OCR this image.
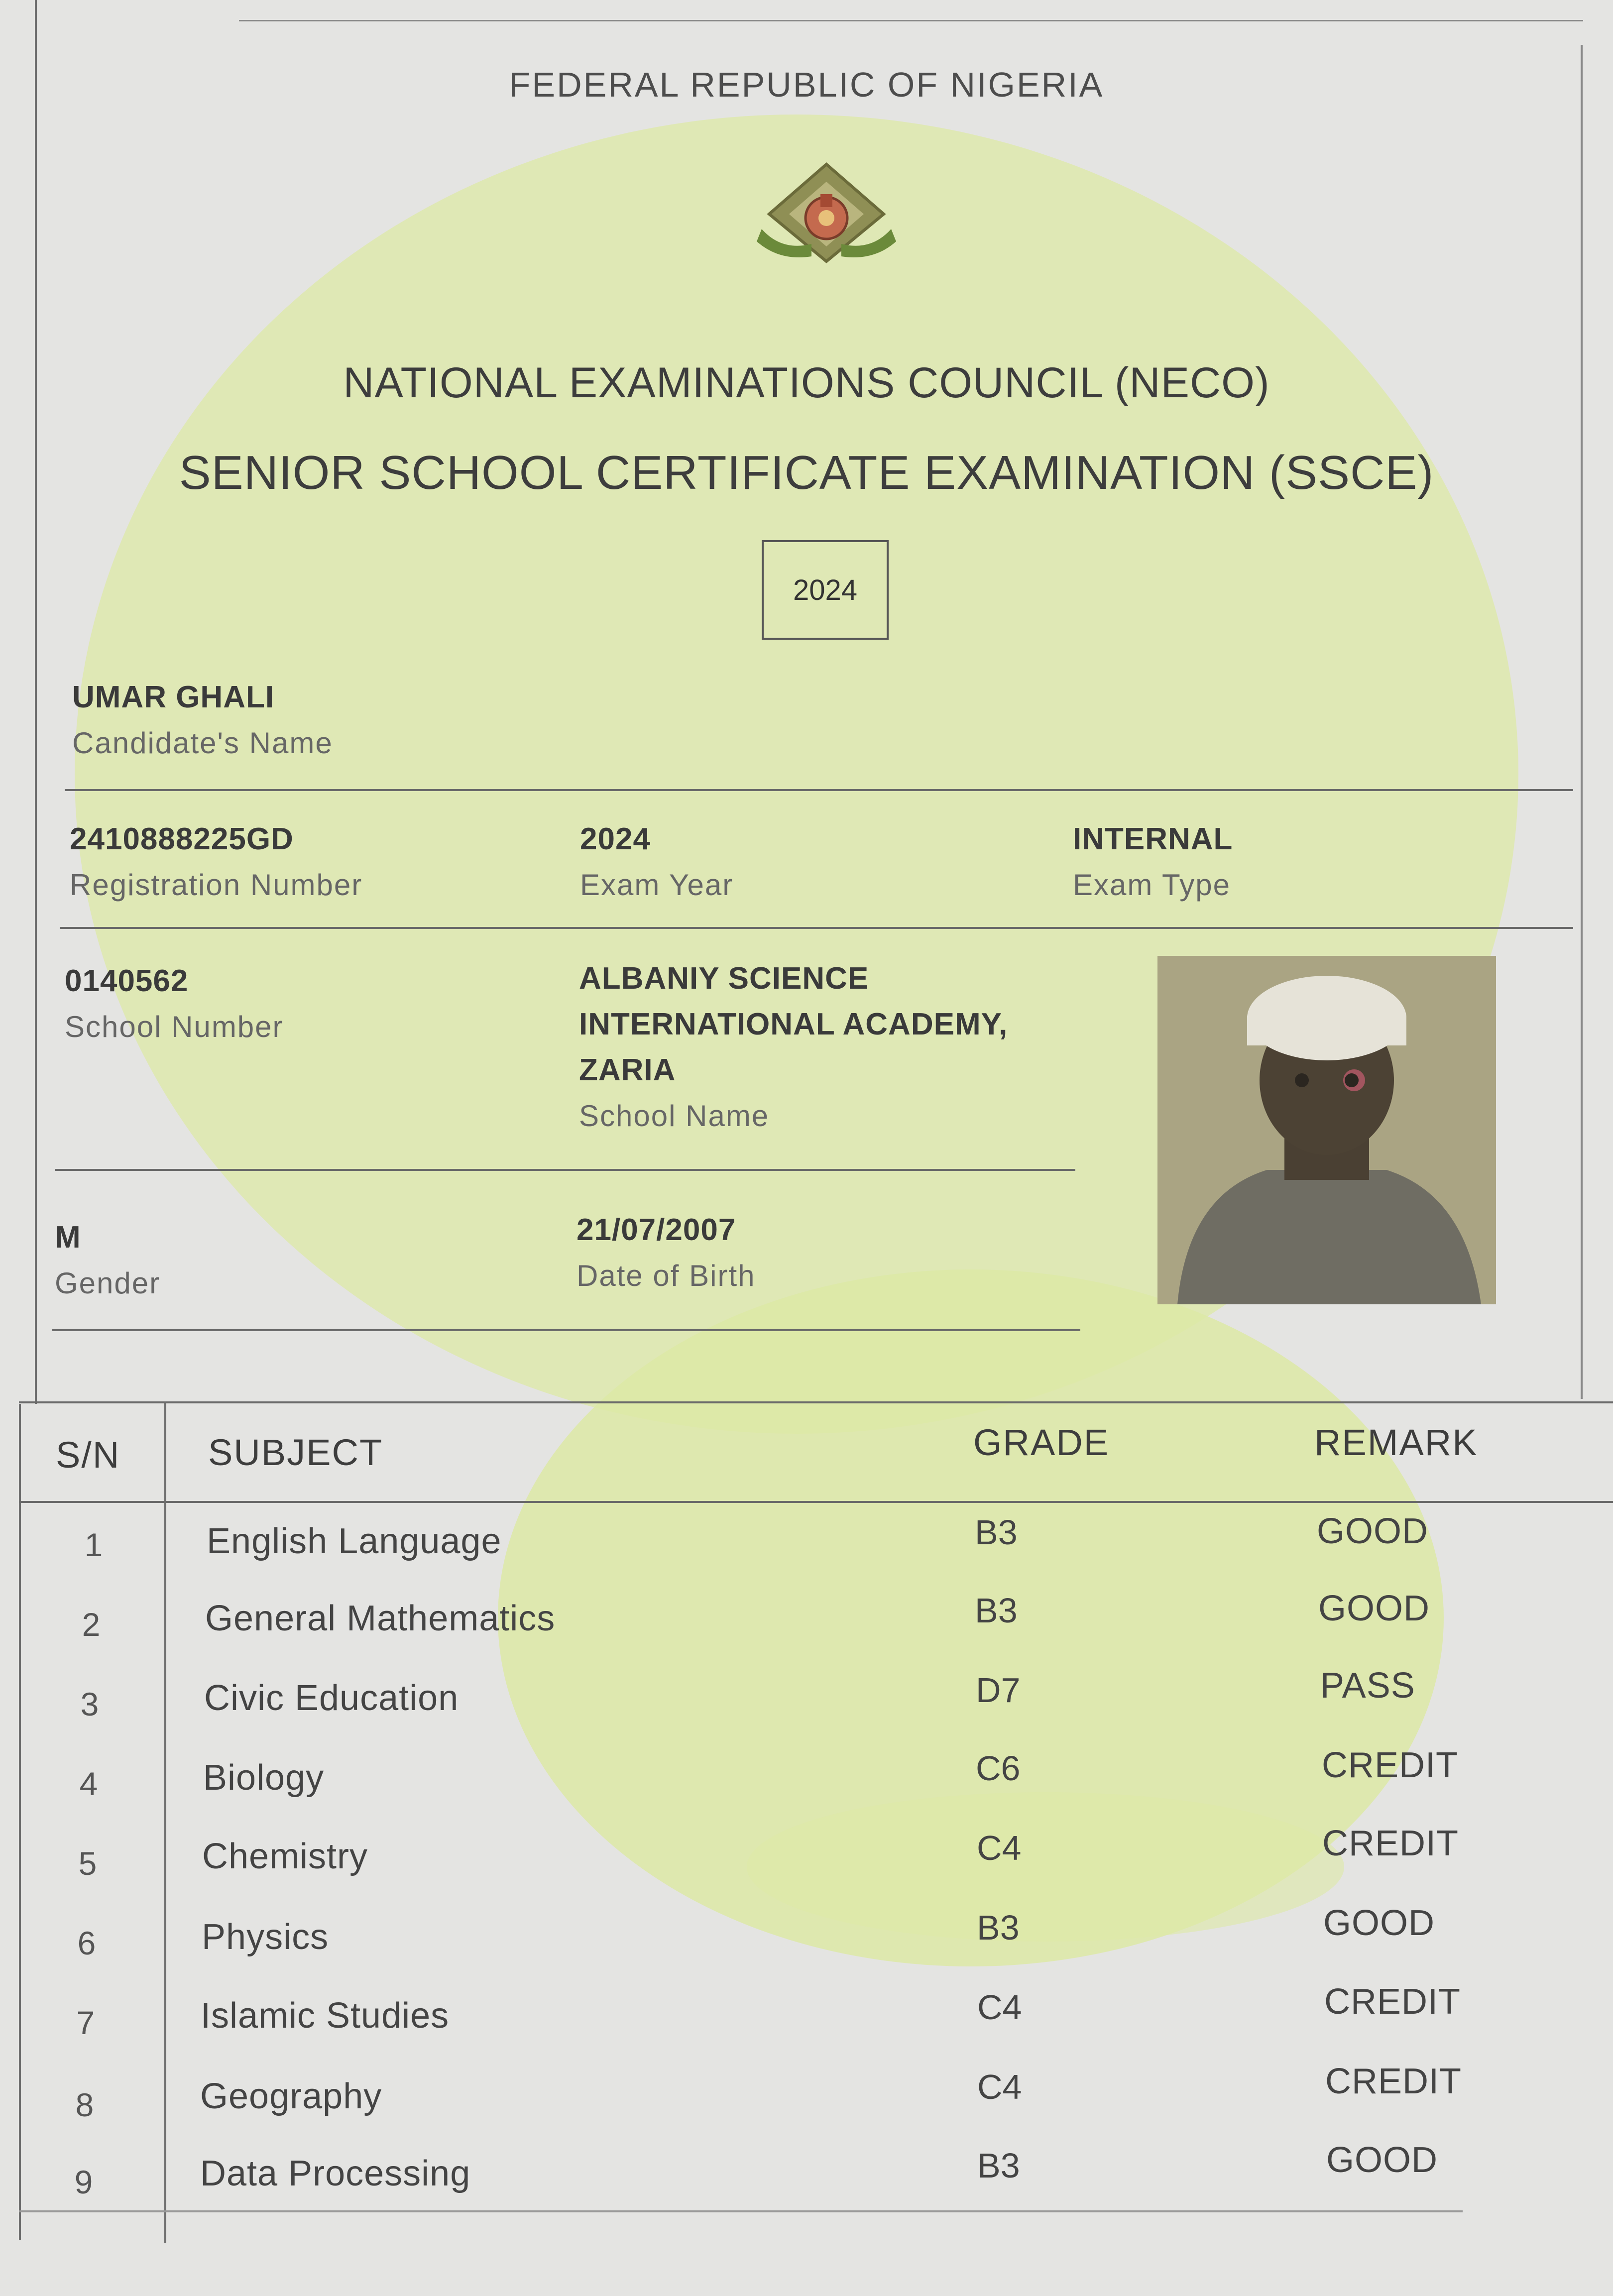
FEDERAL REPUBLIC OF NIGERIA
NATIONAL EXAMINATIONS COUNCIL (NECO)
SENIOR SCHOOL CERTIFICATE EXAMINATION (SSCE)
2024
UMAR GHALI
Candidate's Name
2410888225GD
Registration Number
2024
Exam Year
INTERNAL
Exam Type
0140562
School Number
ALBANIY SCIENCE
INTERNATIONAL ACADEMY,
ZARIA
School Name
M
Gender
21/07/2007
Date of Birth
S/N SUBJECT	GRADE	REMARK
1	English Language	B3	GOOD
2	General Mathematics	B3	GOOD
3	Civic Education	D7	PASS
4	Biology	C6	CREDIT
5	Chemistry	C4	CREDIT
6	Physics	B3	GOOD
7	Islamic Studies	C4	CREDIT
8	Geography	C4	CREDIT
9	Data Processing	B3	GOOD
